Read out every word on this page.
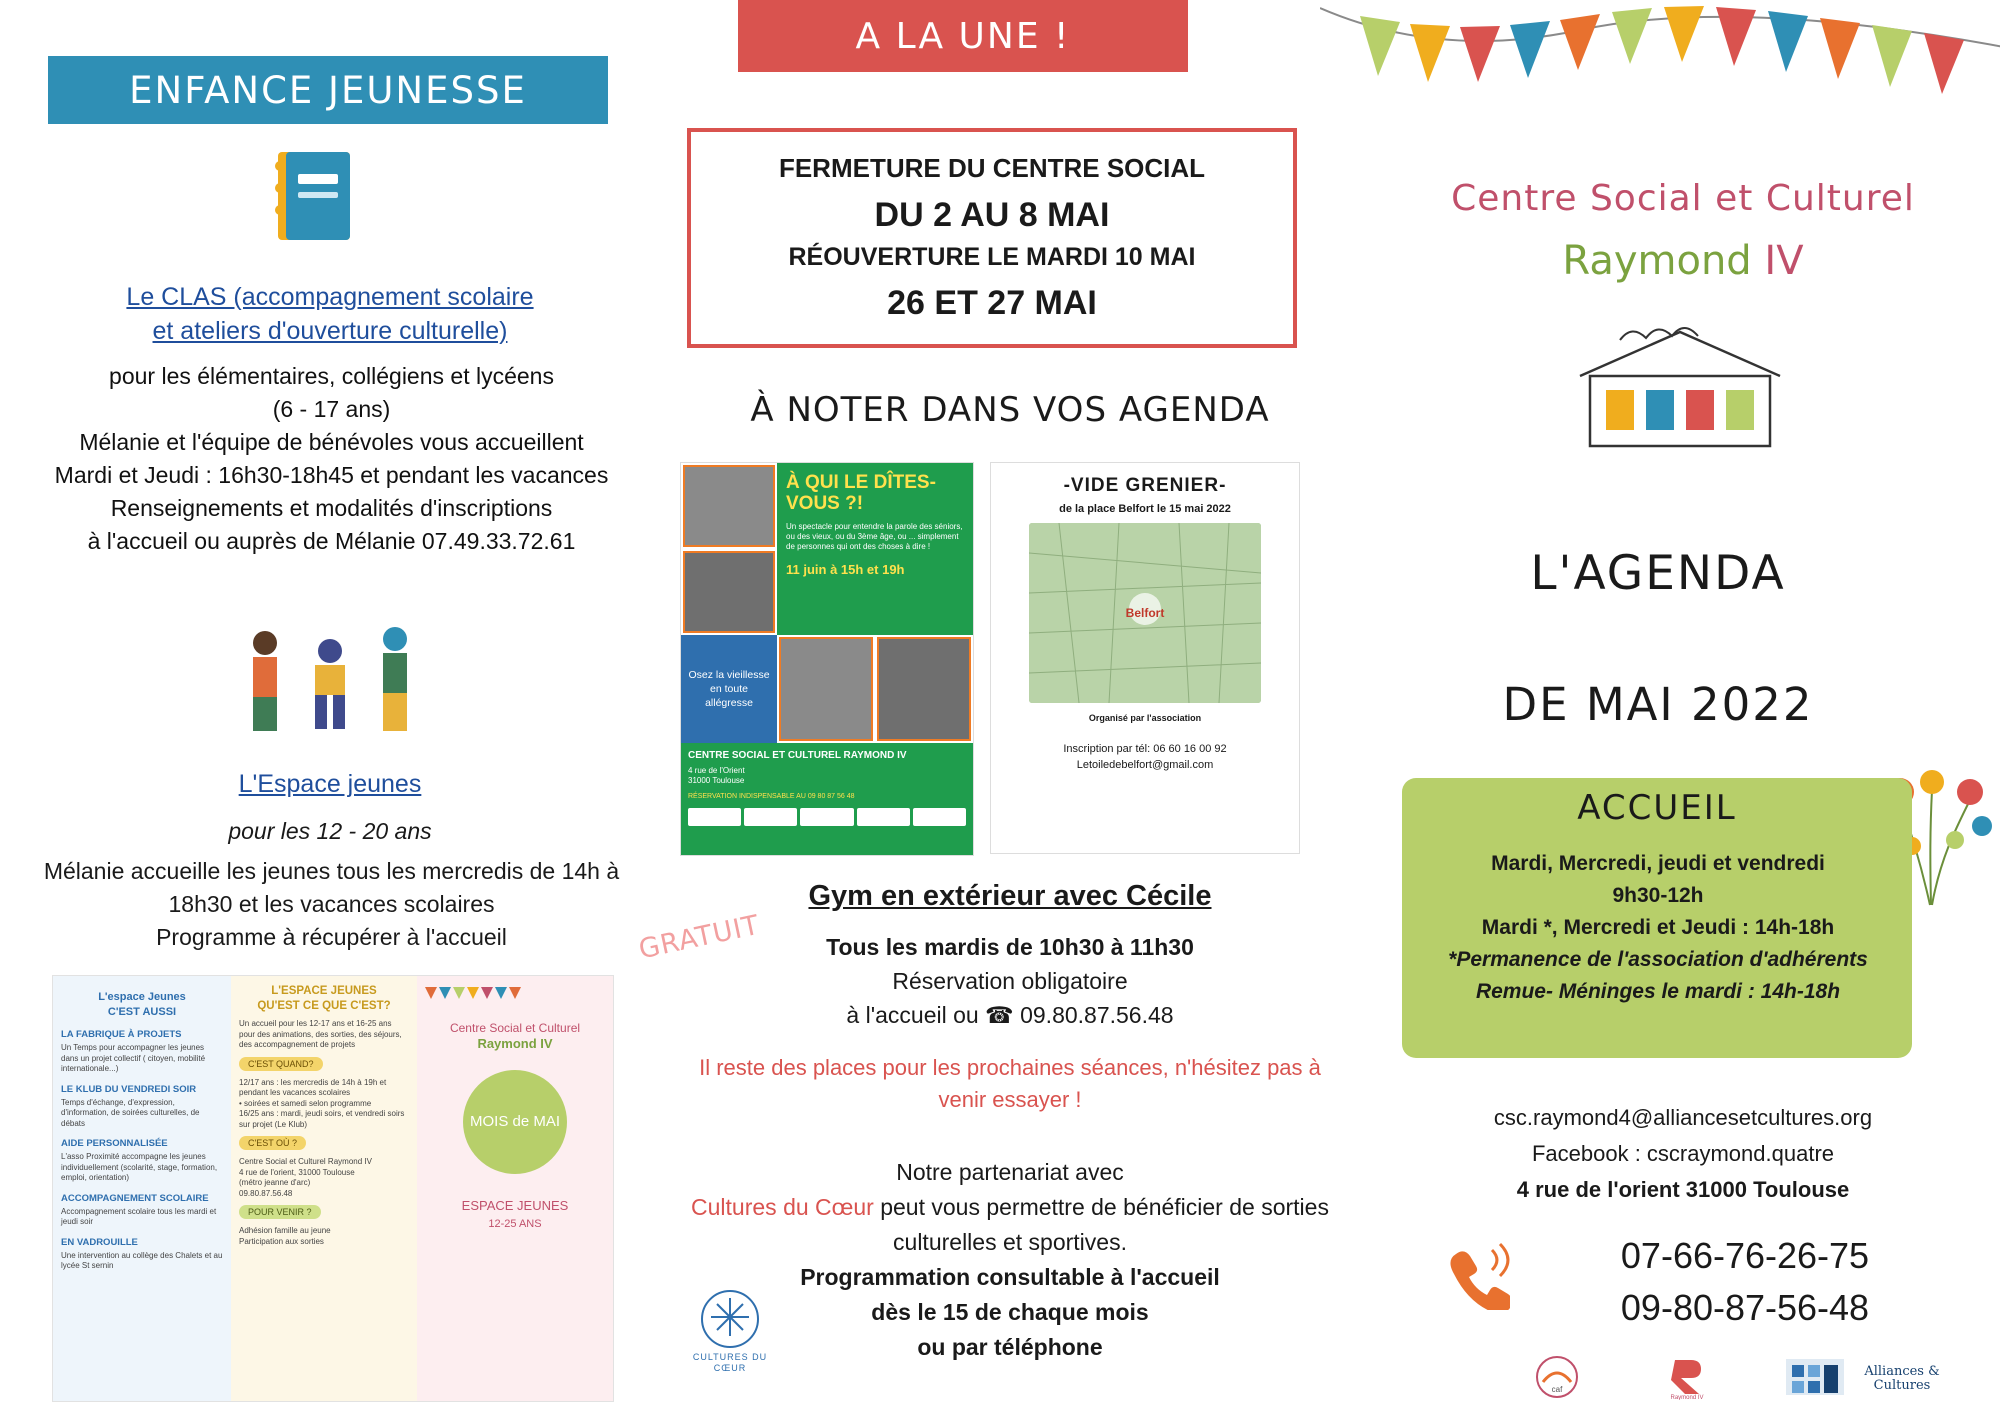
ENFANCE JEUNESSE
Le CLAS (accompagnement scolaire
et ateliers d'ouverture culturelle)
pour les élémentaires, collégiens et lycéens
(6 - 17 ans)
Mélanie et l'équipe de bénévoles vous accueillent
Mardi et Jeudi : 16h30-18h45 et pendant les vacances
Renseignements et modalités d'inscriptions
à l'accueil ou auprès de Mélanie 07.49.33.72.61
L'Espace jeunes
pour les 12 - 20 ans
Mélanie accueille les jeunes tous les mercredis de 14h à 18h30 et les vacances scolaires
Programme à récupérer à l'accueil
L'espace Jeunes
C'EST AUSSI
LA FABRIQUE À PROJETS

Un Temps pour accompagner les jeunes dans un projet collectif ( citoyen, mobilité internationale...)

LE KLUB DU VENDREDI SOIR

Temps d'échange, d'expression, d'information, de soirées culturelles, de débats

AIDE PERSONNALISÉE

L'asso Proximité accompagne les jeunes individuellement (scolarité, stage, formation, emploi, orientation)

ACCOMPAGNEMENT SCOLAIRE

Accompagnement scolaire tous les mardi et jeudi soir

EN VADROUILLE

Une intervention au collège des Chalets et au lycée St sernin

L'ESPACE JEUNES
QU'EST CE QUE C'EST?

Un accueil pour les 12-17 ans et 16-25 ans pour des animations, des sorties, des séjours, des accompagnement de projets

C'EST QUAND?

12/17 ans : les mercredis de 14h à 19h et pendant les vacances scolaires
• soirées et samedi selon programme
16/25 ans : mardi, jeudi soirs, et vendredi soirs sur projet (Le Klub)

C'EST OÙ ?

Centre Social et Culturel Raymond IV
4 rue de l'orient, 31000 Toulouse
(métro jeanne d'arc)
09.80.87.56.48

POUR VENIR ?

Adhésion famille au jeune
Participation aux sorties

Centre Social et Culturel
Raymond IV
MOIS de MAI
ESPACE JEUNES
12-25 ANS
A LA UNE !
FERMETURE DU CENTRE SOCIAL
DU 2 AU 8 MAI
RÉOUVERTURE LE MARDI 10 MAI
26 ET 27 MAI
À NOTER DANS VOS AGENDA
À QUI LE DÎTES-VOUS ?!

Un spectacle pour entendre la parole des séniors, ou des vieux, ou du 3ème âge, ou ... simplement de personnes qui ont des choses à dire !

11 juin à 15h et 19h
Osez la vieillesse en toute allégresse
CENTRE SOCIAL ET CULTUREL RAYMOND IV
4 rue de l'Orient
31000 Toulouse
RÉSERVATION INDISPENSABLE AU 09 80 87 56 48
-VIDE GRENIER-
de la place Belfort le 15 mai 2022
Belfort
Organisé par l'association
Inscription par tél: 06 60 16 00 92
Letoiledebelfort@gmail.com
Gym en extérieur avec Cécile
GRATUIT	Tous les mardis de 10h30 à 11h30
Réservation obligatoire
à l'accueil ou ☎ 09.80.87.56.48
Il reste des places pour les prochaines séances, n'hésitez pas à venir essayer !
Notre partenariat avec
Cultures du Cœur peut vous permettre de bénéficier de sorties culturelles et sportives.
Programmation consultable à l'accueil
dès le 15 de chaque mois
ou par téléphone
CULTURES DU CŒUR
Centre Social et Culturel
Raymond IV
L'AGENDA
DE MAI 2022
ACCUEIL
Mardi, Mercredi, jeudi et vendredi
9h30-12h
Mardi *, Mercredi et Jeudi : 14h-18h
*Permanence de l'association d'adhérents
Remue- Méninges le mardi : 14h-18h
csc.raymond4@alliancesetcultures.org
Facebook : cscraymond.quatre
4 rue de l'orient 31000 Toulouse
07-66-76-26-75
09-80-87-56-48
caf
Raymond IV
Alliances &
Cultures
